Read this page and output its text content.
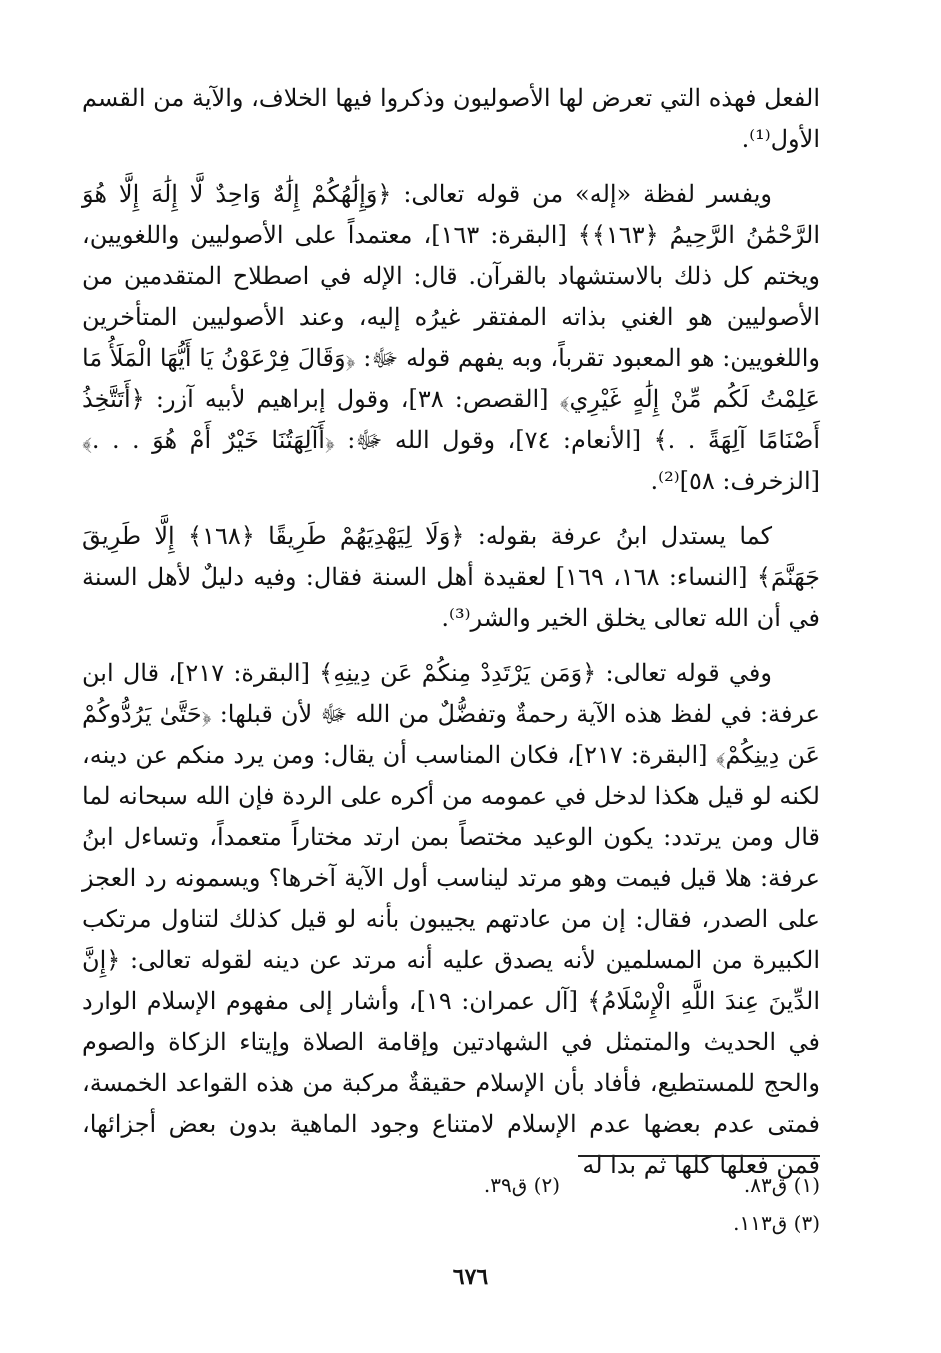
الفعل فهذه التي تعرض لها الأصوليون وذكروا فيها الخلاف، والآية من القسم الأول⁽¹⁾.

ويفسر لفظة «إله» من قوله تعالى: ﴿وَإِلَٰهُكُمْ إِلَٰهٌ وَاحِدٌ لَّا إِلَٰهَ إِلَّا هُوَ الرَّحْمَٰنُ الرَّحِيمُ ﴿١٦٣﴾﴾ [البقرة: ١٦٣]، معتمداً على الأصوليين واللغويين، ويختم كل ذلك بالاستشهاد بالقرآن. قال: الإله في اصطلاح المتقدمين من الأصوليين هو الغني بذاته المفتقر غيرُه إليه، وعند الأصوليين المتأخرين واللغويين: هو المعبود تقرباً، وبه يفهم قوله ﷻ: ﴿وَقَالَ فِرْعَوْنُ يَا أَيُّهَا الْمَلَأُ مَا عَلِمْتُ لَكُم مِّنْ إِلَٰهٍ غَيْرِي﴾ [القصص: ٣٨]، وقول إبراهيم لأبيه آزر: ﴿أَتَتَّخِذُ أَصْنَامًا آلِهَةً . .﴾ [الأنعام: ٧٤]، وقول الله ﷻ: ﴿أَآلِهَتُنَا خَيْرٌ أَمْ هُوَ . . .﴾ [الزخرف: ٥٨]⁽²⁾.

كما يستدل ابنُ عرفة بقوله: ﴿وَلَا لِيَهْدِيَهُمْ طَرِيقًا ﴿١٦٨﴾ إِلَّا طَرِيقَ جَهَنَّمَ﴾ [النساء: ١٦٨، ١٦٩] لعقيدة أهل السنة فقال: وفيه دليلٌ لأهل السنة في أن الله تعالى يخلق الخير والشر⁽³⁾.

وفي قوله تعالى: ﴿وَمَن يَرْتَدِدْ مِنكُمْ عَن دِينِهِ﴾ [البقرة: ٢١٧]، قال ابن عرفة: في لفظ هذه الآية رحمةٌ وتفضُّلٌ من الله ﷻ لأن قبلها: ﴿حَتَّىٰ يَرُدُّوكُمْ عَن دِينِكُمْ﴾ [البقرة: ٢١٧]، فكان المناسب أن يقال: ومن يرد منكم عن دينه، لكنه لو قيل هكذا لدخل في عمومه من أكره على الردة فإن الله سبحانه لما قال ومن يرتدد: يكون الوعيد مختصاً بمن ارتد مختاراً متعمداً، وتساءل ابنُ عرفة: هلا قيل فيمت وهو مرتد ليناسب أول الآية آخرها؟ ويسمونه رد العجز على الصدر، فقال: إن من عادتهم يجيبون بأنه لو قيل كذلك لتناول مرتكب الكبيرة من المسلمين لأنه يصدق عليه أنه مرتد عن دينه لقوله تعالى: ﴿إِنَّ الدِّينَ عِندَ اللَّهِ الْإِسْلَامُ﴾ [آل عمران: ١٩]، وأشار إلى مفهوم الإسلام الوارد في الحديث والمتمثل في الشهادتين وإقامة الصلاة وإيتاء الزكاة والصوم والحج للمستطيع، فأفاد بأن الإسلام حقيقةٌ مركبة من هذه القواعد الخمسة، فمتى عدم بعضها عدم الإسلام لامتناع وجود الماهية بدون بعض أجزائها، فمن فعلها كلها ثم بدا له

(١) ق٨٣.
(٢) ق٣٩.
(٣) ق١١٣.
٦٧٦
